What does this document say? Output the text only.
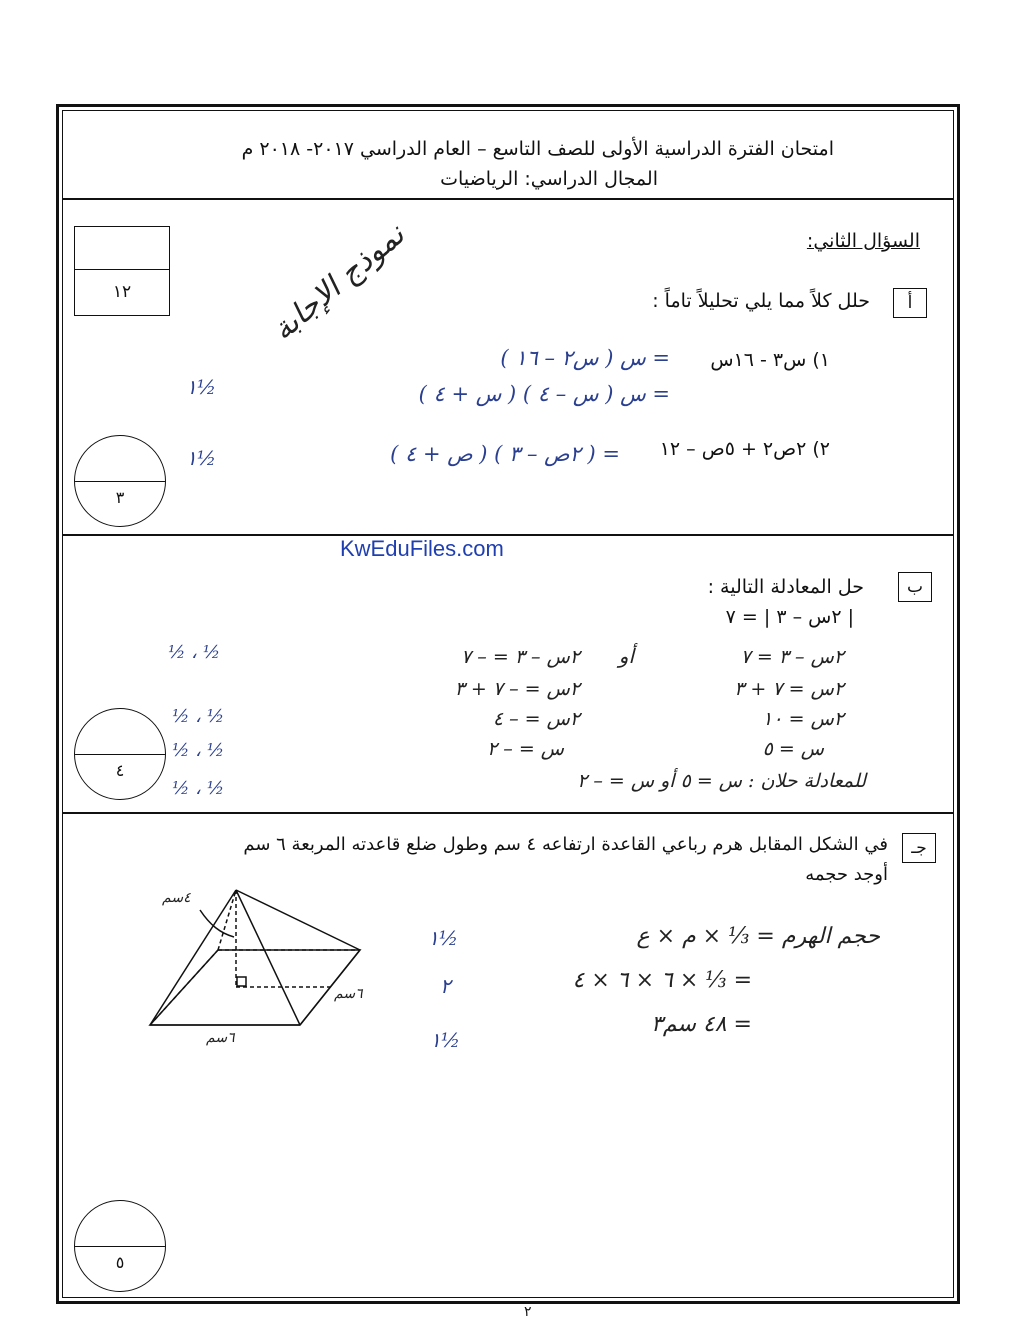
امتحان الفترة الدراسية الأولى للصف التاسع – العام الدراسي ٢٠١٧- ٢٠١٨ م
المجال الدراسي: الرياضيات
١٢	نموذج الإجابة	السؤال الثاني:
أ
حلل كلاً مما يلي تحليلاً تاماً :
١) س٣ - ١٦س
= س ( س٢ – ١٦ )
= س ( س – ٤ ) ( س + ٤ )
١½
٢) ٢ص٢ + ٥ص – ١٢
= ( ٢ص – ٣ ) ( ص + ٤ )
١½
٣
KwEduFiles.com
ب
حل المعادلة التالية :
| ٢س – ٣ | = ٧
٢س – ٣ = ٧
٢س = ٧ + ٣
٢س = ١٠
س = ٥
أو
٢س – ٣ = – ٧
٢س = – ٧ + ٣
٢س = – ٤
س = – ٢
للمعادلة حلان : س = ٥ أو س = – ٢
½ ، ½
½ ، ½
½ ، ½
½ ، ½
٤
جـ
في الشكل المقابل هرم رباعي القاعدة ارتفاعه ٤ سم وطول ضلع قاعدته المربعة ٦ سم
أوجد حجمه
٤سم
٦سم
٦سم
حجم الهرم = ⅓ × م × ع
= ⅓ × ٦ × ٦ × ٤
= ٤٨ سم٣
١½
٢
١½
٥
٢
